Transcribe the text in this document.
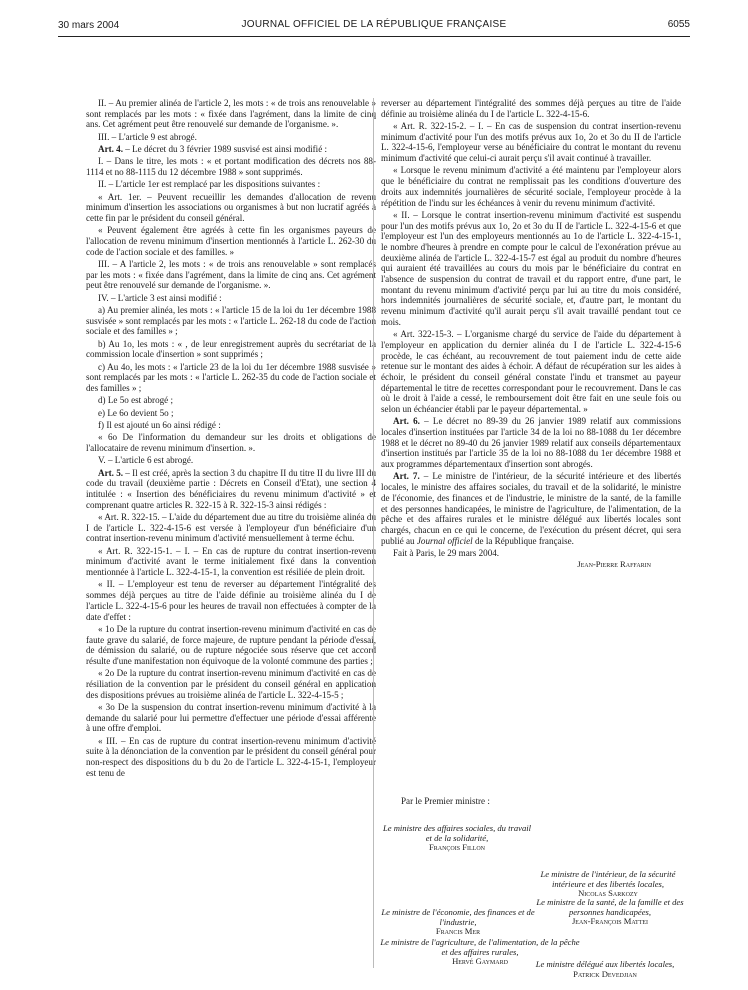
30 mars 2004	JOURNAL OFFICIEL DE LA RÉPUBLIQUE FRANÇAISE	6055

II. – Au premier alinéa de l'article 2, les mots : « de trois ans renouvelable » sont remplacés par les mots : « fixée dans l'agrément, dans la limite de cinq ans. Cet agrément peut être renouvelé sur demande de l'organisme. ».

III. – L'article 9 est abrogé.

Art. 4. – Le décret du 3 février 1989 susvisé est ainsi modifié :

I. – Dans le titre, les mots : « et portant modification des décrets nos 88-1114 et no 88-1115 du 12 décembre 1988 » sont supprimés.

II. – L'article 1er est remplacé par les dispositions suivantes :

« Art. 1er. – Peuvent recueillir les demandes d'allocation de revenu minimum d'insertion les associations ou organismes à but non lucratif agréés à cette fin par le président du conseil général.

« Peuvent également être agréés à cette fin les organismes payeurs de l'allocation de revenu minimum d'insertion mentionnés à l'article L. 262-30 du code de l'action sociale et des familles. »

III. – A l'article 2, les mots : « de trois ans renouvelable » sont remplacés par les mots : « fixée dans l'agrément, dans la limite de cinq ans. Cet agrément peut être renouvelé sur demande de l'organisme. ».

IV. – L'article 3 est ainsi modifié :

a) Au premier alinéa, les mots : « l'article 15 de la loi du 1er décembre 1988 susvisée » sont remplacés par les mots : « l'article L. 262-18 du code de l'action sociale et des familles » ;

b) Au 1o, les mots : « , de leur enregistrement auprès du secrétariat de la commission locale d'insertion » sont supprimés ;

c) Au 4o, les mots : « l'article 23 de la loi du 1er décembre 1988 susvisée » sont remplacés par les mots : « l'article L. 262-35 du code de l'action sociale et des familles » ;

d) Le 5o est abrogé ;

e) Le 6o devient 5o ;

f) Il est ajouté un 6o ainsi rédigé :

« 6o De l'information du demandeur sur les droits et obligations de l'allocataire de revenu minimum d'insertion. ».

V. – L'article 6 est abrogé.

Art. 5. – Il est créé, après la section 3 du chapitre II du titre II du livre III du code du travail (deuxième partie : Décrets en Conseil d'Etat), une section 4 intitulée : « Insertion des bénéficiaires du revenu minimum d'activité » et comprenant quatre articles R. 322-15 à R. 322-15-3 ainsi rédigés :

« Art. R. 322-15. – L'aide du département due au titre du troisième alinéa du I de l'article L. 322-4-15-6 est versée à l'employeur d'un bénéficiaire d'un contrat insertion-revenu minimum d'activité mensuellement à terme échu.

« Art. R. 322-15-1. – I. – En cas de rupture du contrat insertion-revenu minimum d'activité avant le terme initialement fixé dans la convention mentionnée à l'article L. 322-4-15-1, la convention est résiliée de plein droit.

« II. – L'employeur est tenu de reverser au département l'intégralité des sommes déjà perçues au titre de l'aide définie au troisième alinéa du I de l'article L. 322-4-15-6 pour les heures de travail non effectuées à compter de la date d'effet :

« 1o De la rupture du contrat insertion-revenu minimum d'activité en cas de faute grave du salarié, de force majeure, de rupture pendant la période d'essai, de démission du salarié, ou de rupture négociée sous réserve que cet accord résulte d'une manifestation non équivoque de la volonté commune des parties ;

« 2o De la rupture du contrat insertion-revenu minimum d'activité en cas de résiliation de la convention par le président du conseil général en application des dispositions prévues au troisième alinéa de l'article L. 322-4-15-5 ;

« 3o De la suspension du contrat insertion-revenu minimum d'activité à la demande du salarié pour lui permettre d'effectuer une période d'essai afférente à une offre d'emploi.

« III. – En cas de rupture du contrat insertion-revenu minimum d'activité suite à la dénonciation de la convention par le président du conseil général pour non-respect des dispositions du b du 2o de l'article L. 322-4-15-1, l'employeur est tenu de

reverser au département l'intégralité des sommes déjà perçues au titre de l'aide définie au troisième alinéa du I de l'article L. 322-4-15-6.

« Art. R. 322-15-2. – I. – En cas de suspension du contrat insertion-revenu minimum d'activité pour l'un des motifs prévus aux 1o, 2o et 3o du II de l'article L. 322-4-15-6, l'employeur verse au bénéficiaire du contrat le montant du revenu minimum d'activité que celui-ci aurait perçu s'il avait continué à travailler.

« Lorsque le revenu minimum d'activité a été maintenu par l'employeur alors que le bénéficiaire du contrat ne remplissait pas les conditions d'ouverture des droits aux indemnités journalières de sécurité sociale, l'employeur procède à la répétition de l'indu sur les échéances à venir du revenu minimum d'activité.

« II. – Lorsque le contrat insertion-revenu minimum d'activité est suspendu pour l'un des motifs prévus aux 1o, 2o et 3o du II de l'article L. 322-4-15-6 et que l'employeur est l'un des employeurs mentionnés au 1o de l'article L. 322-4-15-1, le nombre d'heures à prendre en compte pour le calcul de l'exonération prévue au deuxième alinéa de l'article L. 322-4-15-7 est égal au produit du nombre d'heures qui auraient été travaillées au cours du mois par le bénéficiaire du contrat en l'absence de suspension du contrat de travail et du rapport entre, d'une part, le montant du revenu minimum d'activité perçu par lui au titre du mois considéré, hors indemnités journalières de sécurité sociale, et, d'autre part, le montant du revenu minimum d'activité qu'il aurait perçu s'il avait travaillé pendant tout ce mois.

« Art. 322-15-3. – L'organisme chargé du service de l'aide du département à l'employeur en application du dernier alinéa du I de l'article L. 322-4-15-6 procède, le cas échéant, au recouvrement de tout paiement indu de cette aide retenue sur le montant des aides à échoir. A défaut de récupération sur les aides à échoir, le président du conseil général constate l'indu et transmet au payeur départemental le titre de recettes correspondant pour le recouvrement. Dans le cas où le droit à l'aide a cessé, le remboursement doit être fait en une seule fois ou selon un échéancier établi par le payeur départemental. »

Art. 6. – Le décret no 89-39 du 26 janvier 1989 relatif aux commissions locales d'insertion instituées par l'article 34 de la loi no 88-1088 du 1er décembre 1988 et le décret no 89-40 du 26 janvier 1989 relatif aux conseils départementaux d'insertion institués par l'article 35 de la loi no 88-1088 du 1er décembre 1988 et aux programmes départementaux d'insertion sont abrogés.

Art. 7. – Le ministre de l'intérieur, de la sécurité intérieure et des libertés locales, le ministre des affaires sociales, du travail et de la solidarité, le ministre de l'économie, des finances et de l'industrie, le ministre de la santé, de la famille et des personnes handicapées, le ministre de l'agriculture, de l'alimentation, de la pêche et des affaires rurales et le ministre délégué aux libertés locales sont chargés, chacun en ce qui le concerne, de l'exécution du présent décret, qui sera publié au Journal officiel de la République française.

Fait à Paris, le 29 mars 2004.

Jean-Pierre Raffarin
Par le Premier ministre :
Le ministre des affaires sociales, du travail et de la solidarité,
François Fillon
Le ministre de l'intérieur, de la sécurité intérieure et des libertés locales,
Nicolas Sarkozy
Le ministre de l'économie, des finances et de l'industrie,
Francis Mer
Le ministre de la santé, de la famille et des personnes handicapées,
Jean-François Mattei
Le ministre de l'agriculture, de l'alimentation, de la pêche et des affaires rurales,
Hervé Gaymard	Le ministre délégué aux libertés locales,
Patrick Devedjian
